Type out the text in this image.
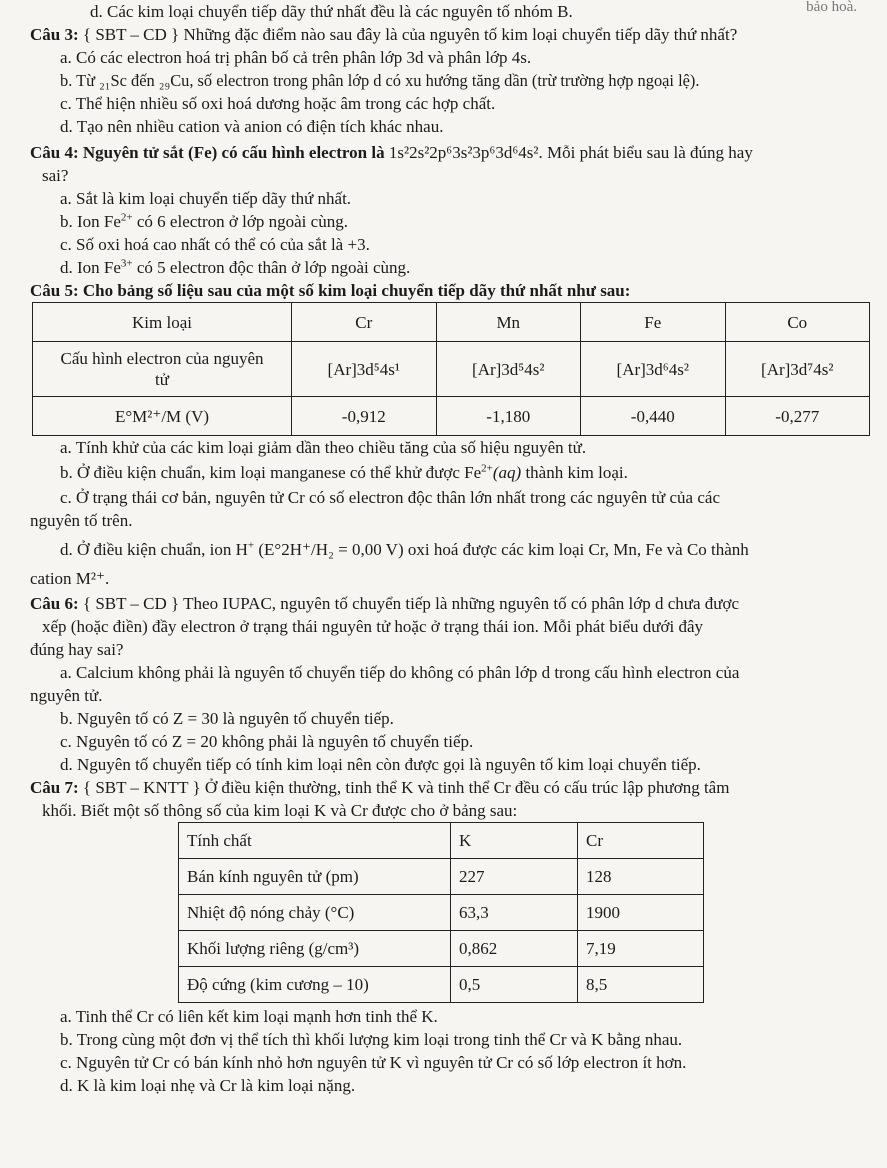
bảo hoà.
d. Các kim loại chuyển tiếp dãy thứ nhất đều là các nguyên tố nhóm B.
Câu 3: { SBT – CD } Những đặc điểm nào sau đây là của nguyên tố kim loại chuyển tiếp dãy thứ nhất?
a. Có các electron hoá trị phân bố cả trên phân lớp 3d và phân lớp 4s.
b. Từ ₂₁Sc đến ₂₉Cu, số electron trong phân lớp d có xu hướng tăng dần (trừ trường hợp ngoại lệ).
c. Thể hiện nhiều số oxi hoá dương hoặc âm trong các hợp chất.
d. Tạo nên nhiều cation và anion có điện tích khác nhau.
Câu 4: Nguyên tử sắt (Fe) có cấu hình electron là 1s²2s²2p⁶3s²3p⁶3d⁶4s². Mỗi phát biểu sau là đúng hay
sai?
a. Sắt là kim loại chuyển tiếp dãy thứ nhất.
b. Ion $Fe^{2+}$ có 6 electron ở lớp ngoài cùng.
c. Số oxi hoá cao nhất có thể có của sắt là +3.
d. Ion $Fe^{3+}$ có 5 electron độc thân ở lớp ngoài cùng.
Câu 5: Cho bảng số liệu sau của một số kim loại chuyển tiếp dãy thứ nhất như sau:
Kim loại	Cr	Mn	Fe	Co

Cấu hình electron của nguyên
tử	[Ar]3d⁵4s¹	[Ar]3d⁵4s²	[Ar]3d⁶4s²	[Ar]3d⁷4s²
E°M²⁺/M (V)	-0,912	-1,180	-0,440	-0,277
a. Tính khử của các kim loại giảm dần theo chiều tăng của số hiệu nguyên tử.
b. Ở điều kiện chuẩn, kim loại manganese có thể khử được $Fe^{2+}(aq)$ thành kim loại.
c. Ở trạng thái cơ bản, nguyên tử Cr có số electron độc thân lớn nhất trong các nguyên tử của các
nguyên tố trên.
d. Ở điều kiện chuẩn, ion H+ (E°2H⁺/H₂ = 0,00 V) oxi hoá được các kim loại Cr, Mn, Fe và Co thành
cation M²⁺.
Câu 6: { SBT – CD } Theo IUPAC, nguyên tố chuyển tiếp là những nguyên tố có phân lớp d chưa được
xếp (hoặc điền) đầy electron ở trạng thái nguyên tử hoặc ở trạng thái ion. Mỗi phát biểu dưới đây
đúng hay sai?
a. Calcium không phải là nguyên tố chuyển tiếp do không có phân lớp d trong cấu hình electron của
nguyên tử.
b. Nguyên tố có Z = 30 là nguyên tố chuyển tiếp.
c. Nguyên tố có Z = 20 không phải là nguyên tố chuyển tiếp.
d. Nguyên tố chuyển tiếp có tính kim loại nên còn được gọi là nguyên tố kim loại chuyển tiếp.
Câu 7: { SBT – KNTT } Ở điều kiện thường, tinh thể K và tinh thể Cr đều có cấu trúc lập phương tâm
khối. Biết một số thông số của kim loại K và Cr được cho ở bảng sau:
Tính chất	K	Cr
Bán kính nguyên tử (pm)	227	128
Nhiệt độ nóng chảy (°C)	63,3	1900
Khối lượng riêng (g/cm³)	0,862	7,19
Độ cứng (kim cương – 10)	0,5	8,5
a. Tinh thể Cr có liên kết kim loại mạnh hơn tinh thể K.
b. Trong cùng một đơn vị thể tích thì khối lượng kim loại trong tinh thể Cr và K bằng nhau.
c. Nguyên tử Cr có bán kính nhỏ hơn nguyên tử K vì nguyên tử Cr có số lớp electron ít hơn.
d. K là kim loại nhẹ và Cr là kim loại nặng.
